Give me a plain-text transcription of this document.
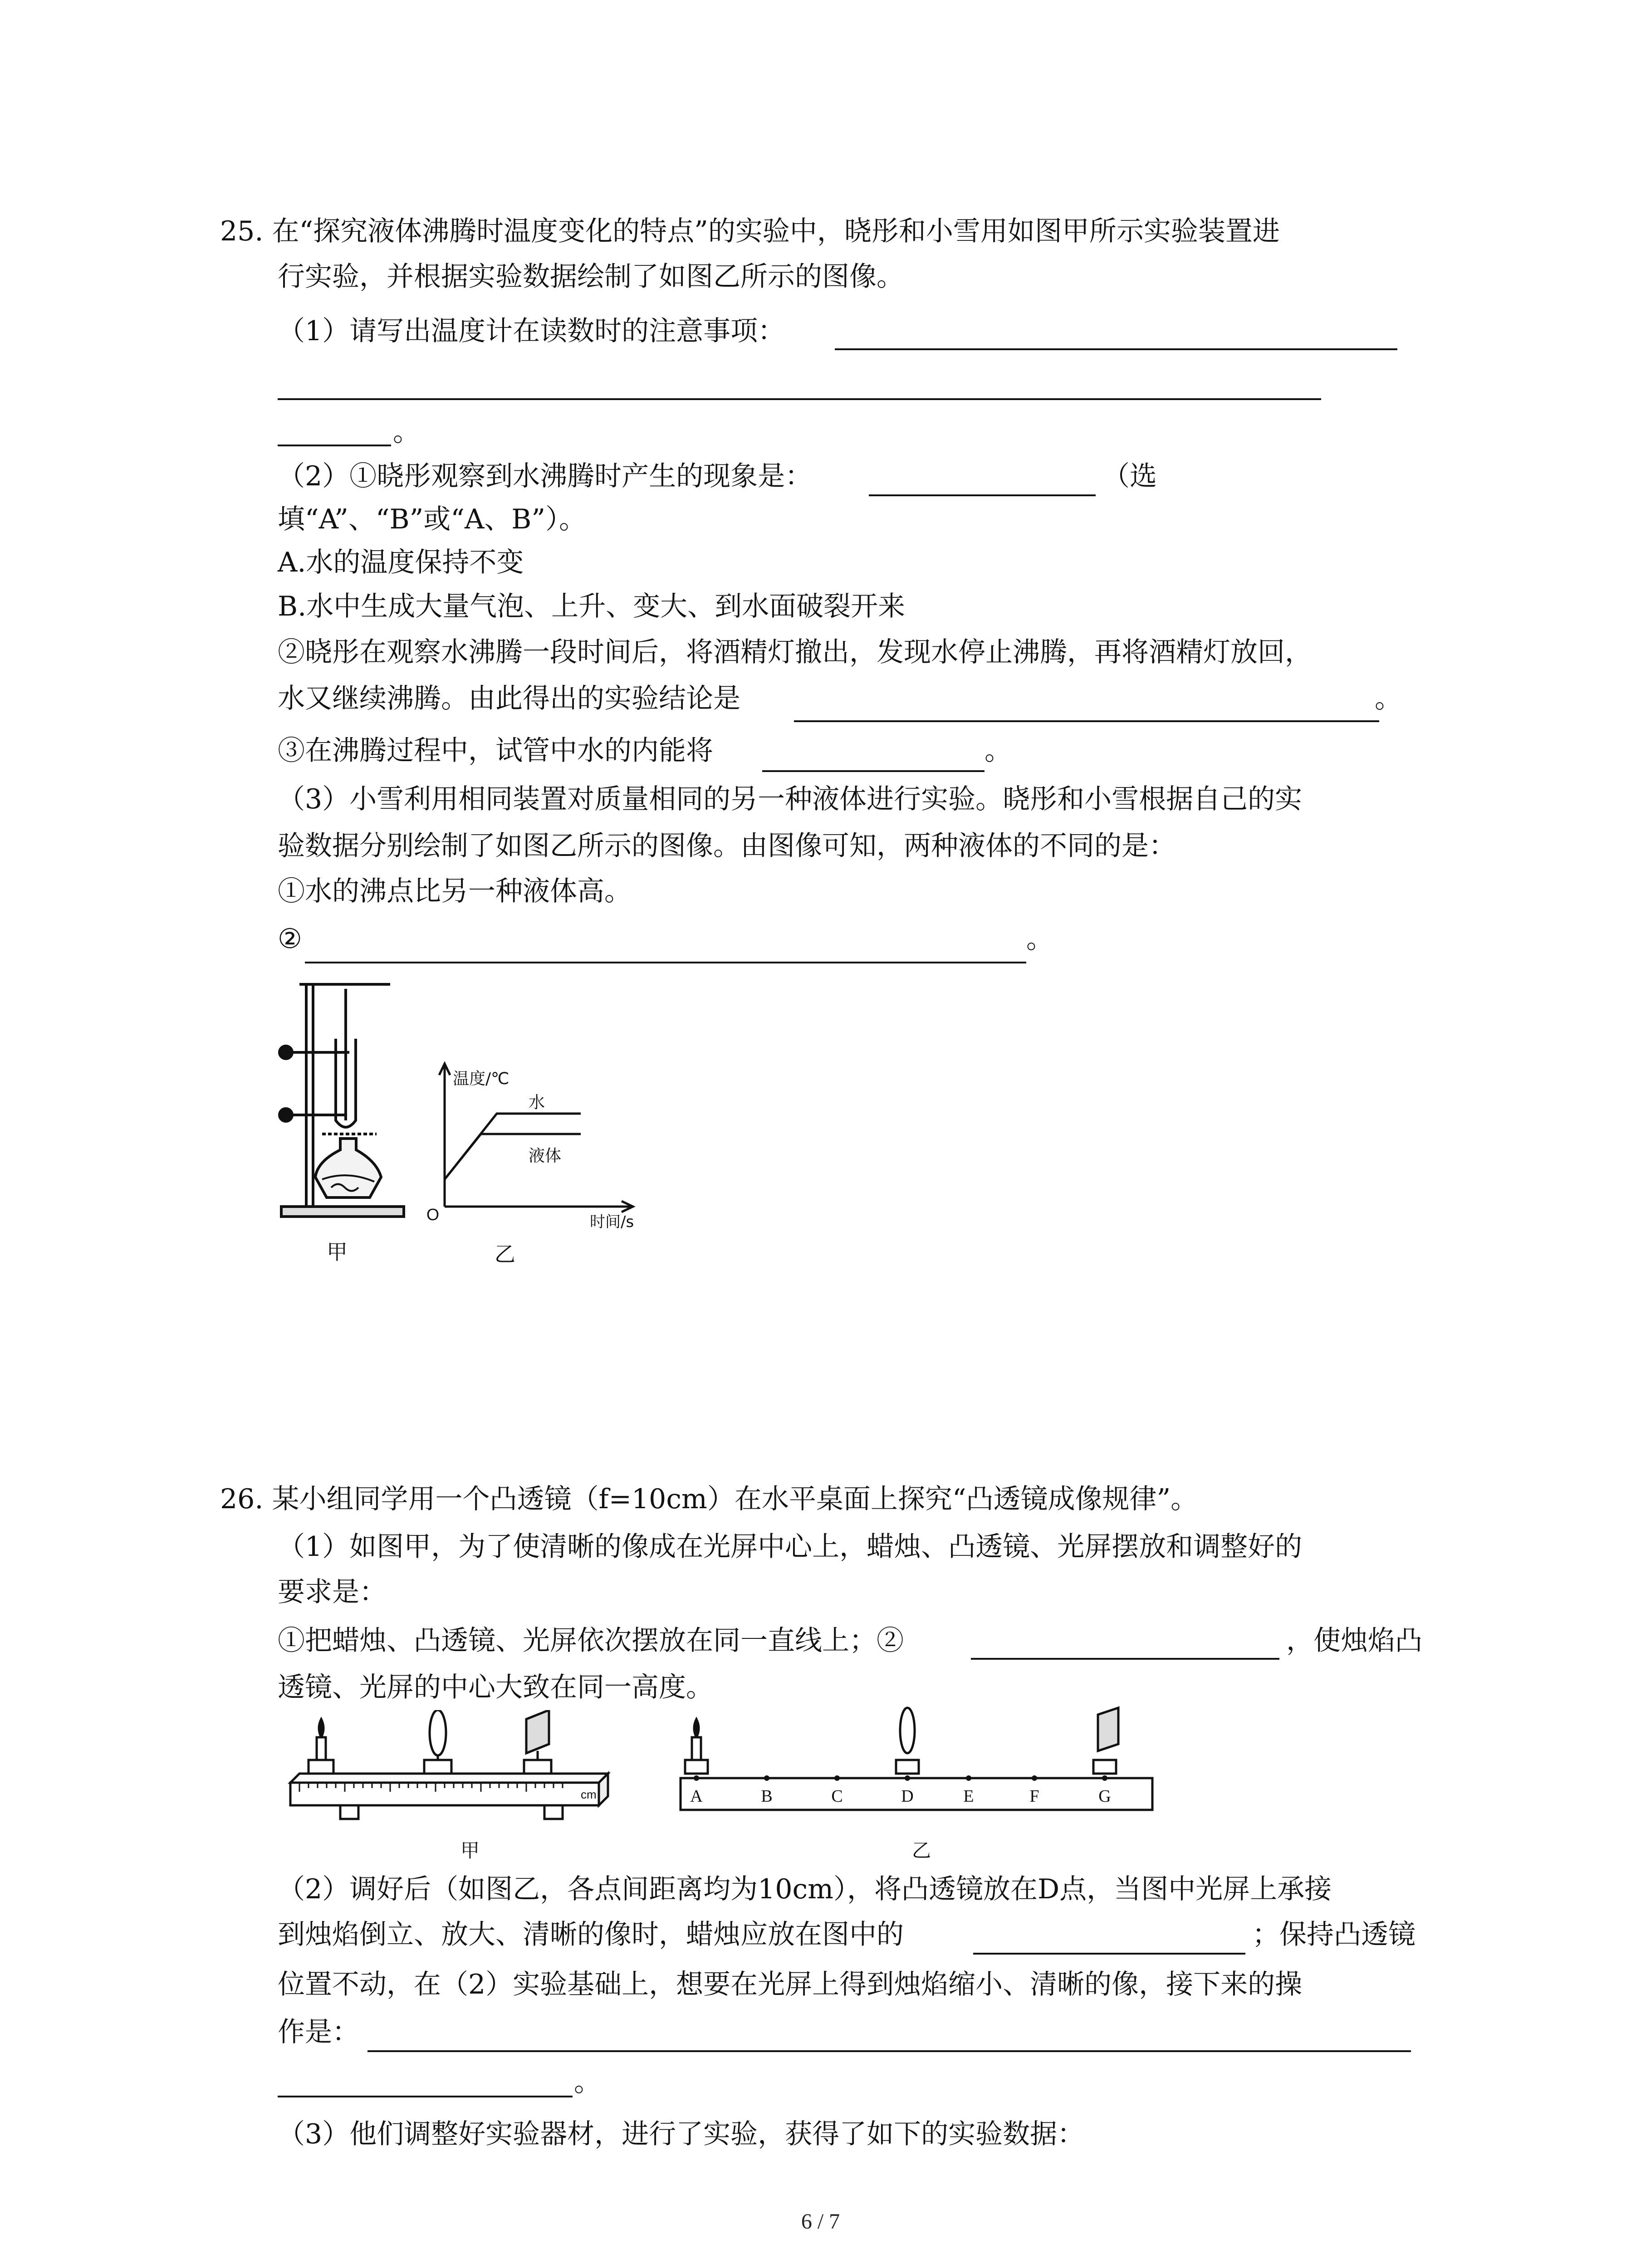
25. 在“探究液体沸腾时温度变化的特点”的实验中，晓彤和小雪用如图甲所示实验装置进
行实验，并根据实验数据绘制了如图乙所示的图像。
（1）请写出温度计在读数时的注意事项：
。
（2）①晓彤观察到水沸腾时产生的现象是：	（选
填“A”、“B”或“A、B”）。
A.水的温度保持不变
B.水中生成大量气泡、上升、变大、到水面破裂开来
②晓彤在观察水沸腾一段时间后，将酒精灯撤出，发现水停止沸腾，再将酒精灯放回，
水又继续沸腾。由此得出的实验结论是	。
③在沸腾过程中，试管中水的内能将	。
（3）小雪利用相同装置对质量相同的另一种液体进行实验。晓彤和小雪根据自己的实
验数据分别绘制了如图乙所示的图像。由图像可知，两种液体的不同的是：
①水的沸点比另一种液体高。
②	。
甲
温度/℃
水
液体
O	时间/s
乙
26. 某小组同学用一个凸透镜（f=10cm）在水平桌面上探究“凸透镜成像规律”。
（1）如图甲，为了使清晰的像成在光屏中心上，蜡烛、凸透镜、光屏摆放和调整好的
要求是：
①把蜡烛、凸透镜、光屏依次摆放在同一直线上；②	，使烛焰凸
透镜、光屏的中心大致在同一高度。
cm
甲
A	B	C	D	E	F	G
乙
（2）调好后（如图乙，各点间距离均为10cm），将凸透镜放在D点，当图中光屏上承接
到烛焰倒立、放大、清晰的像时，蜡烛应放在图中的	；保持凸透镜
位置不动，在（2）实验基础上，想要在光屏上得到烛焰缩小、清晰的像，接下来的操
作是：
。
（3）他们调整好实验器材，进行了实验，获得了如下的实验数据：
6 / 7
